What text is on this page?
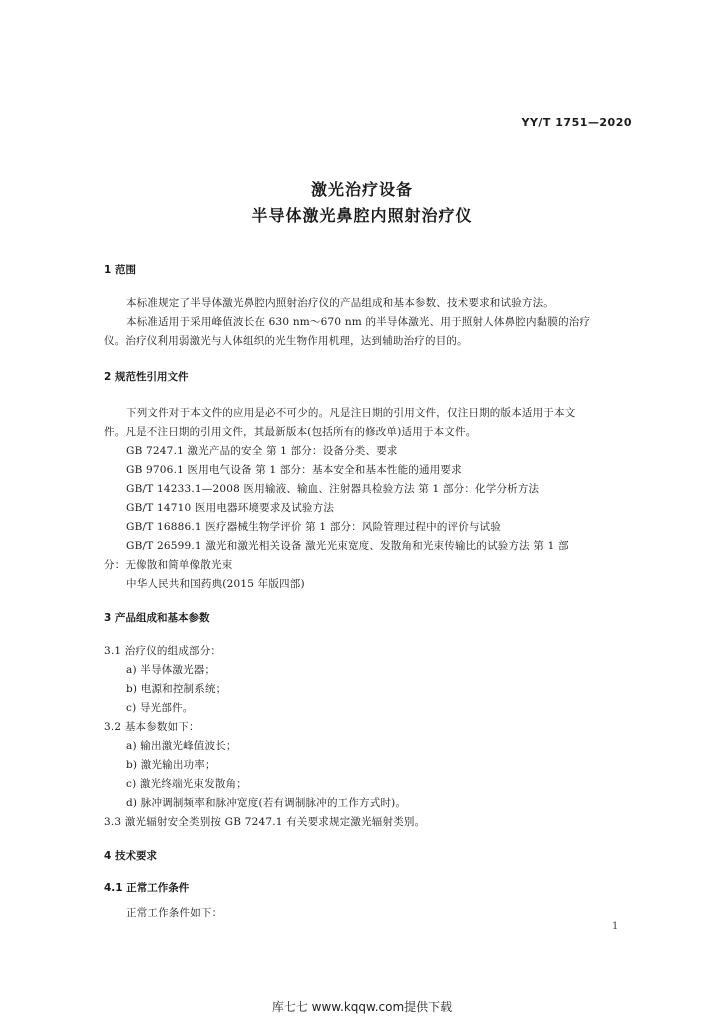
YY/T 1751—2020
激光治疗设备
半导体激光鼻腔内照射治疗仪
1 范围
本标准规定了半导体激光鼻腔内照射治疗仪的产品组成和基本参数、技术要求和试验方法。
本标准适用于采用峰值波长在 630 nm～670 nm 的半导体激光、用于照射人体鼻腔内黏膜的治疗
仪。治疗仪利用弱激光与人体组织的光生物作用机理，达到辅助治疗的目的。
2 规范性引用文件
下列文件对于本文件的应用是必不可少的。凡是注日期的引用文件，仅注日期的版本适用于本文
件。凡是不注日期的引用文件，其最新版本(包括所有的修改单)适用于本文件。
GB 7247.1 激光产品的安全 第 1 部分：设备分类、要求
GB 9706.1 医用电气设备 第 1 部分：基本安全和基本性能的通用要求
GB/T 14233.1—2008 医用输液、输血、注射器具检验方法 第 1 部分：化学分析方法
GB/T 14710 医用电器环境要求及试验方法
GB/T 16886.1 医疗器械生物学评价 第 1 部分：风险管理过程中的评价与试验
GB/T 26599.1 激光和激光相关设备 激光光束宽度、发散角和光束传输比的试验方法 第 1 部
分：无像散和简单像散光束
中华人民共和国药典(2015 年版四部)
3 产品组成和基本参数
3.1 治疗仪的组成部分：
a) 半导体激光器；
b) 电源和控制系统；
c) 导光部件。
3.2 基本参数如下：
a) 输出激光峰值波长；
b) 激光输出功率；
c) 激光终端光束发散角；
d) 脉冲调制频率和脉冲宽度(若有调制脉冲的工作方式时)。
3.3 激光辐射安全类别按 GB 7247.1 有关要求规定激光辐射类别。
4 技术要求
4.1 正常工作条件
正常工作条件如下：
1
库七七 www.kqqw.com提供下载
